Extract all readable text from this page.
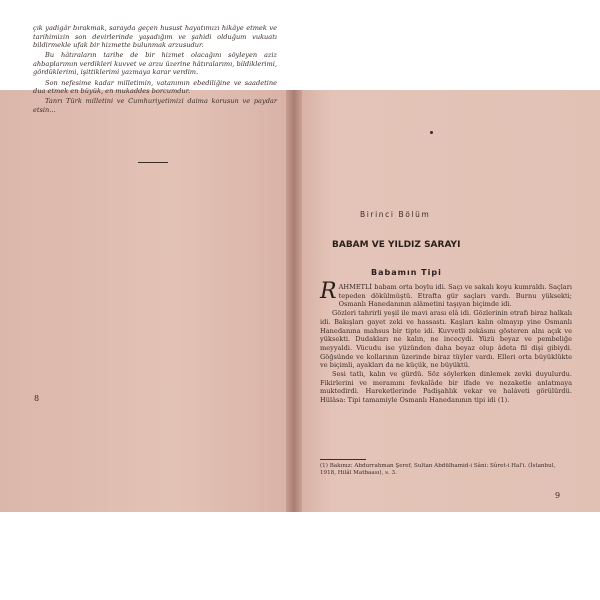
çık yadigâr bırakmak, sarayda geçen husust hayatımızı hikâye etmek ve tarihimizin son devirlerinde yaşadığım ve şahidi olduğum vukuatı bildirmekle ufak bir hizmette bulunmak arzusudur.

Bu hâtıraların tarihe de bir hizmet olacağını söyleyen aziz ahbaplarımın verdikleri kuvvet ve arzu üzerine hâtıralarımı, bildiklerimi, gördüklerimi, işittiklerimi yazmaya karar verdim.

Son nefesime kadar milletimin, vatanımın ebediliğine ve saadetine dua etmek en büyük, en mukaddes borcumdur.

Tanrı Türk milletini ve Cumhuriyetimizi daima korusun ve paydar etsin...

8
Birinci Bölüm
BABAM VE YILDIZ SARAYI
Babamın Tipi

RAHMETLİ babam orta boylu idi. Saçı ve sakalı koyu kumraldı. Saçları tepeden dökülmüştü. Etrafta gür saçları vardı. Burnu yüksekti; Osmanlı Hanedanının alâmetini taşıyan biçimde idi.

Gözleri tahrirli yeşil ile mavi arası elâ idi. Gözlerinin etrafı biraz halkalı idi. Bakışları gayet zeki ve hassastı. Kaşları kalın olmayıp yine Osmanlı Hanedanına mahsus bir tipte idi. Kuvvetli zekâsını gösteren alnı açık ve yüksekti. Dudakları ne kalın, ne incecydi. Yüzü beyaz ve pembeliğe meyyaldi. Vücudu ise yüzünden daha beyaz olup âdeta fil dişi gibiydi. Göğsünde ve kollarının üzerinde biraz tüyler vardı. Elleri orta büyüklükte ve biçimli, ayakları da ne küçük, ne büyüktü.

Sesi tatlı, kalın ve gürdü. Söz söylerken dinlemek zevki duyulurdu. Fikirlerini ve meramını fevkalâde bir ifade ve nezaketle anlatmaya muktedirdi. Hareketlerinde Padişahlık vekar ve haláveti görülürdü. Hülâsa: Tipi tamamiyle Osmanlı Hanedanının tipi idi (1).

(1) Bakınız: Abdurrahman Şeref, Sultan Abdülhamid-i Sâni: Sûret-i Hal'i. (İstanbul, 1918, Hilâl Matbaası), s. 3.
9
